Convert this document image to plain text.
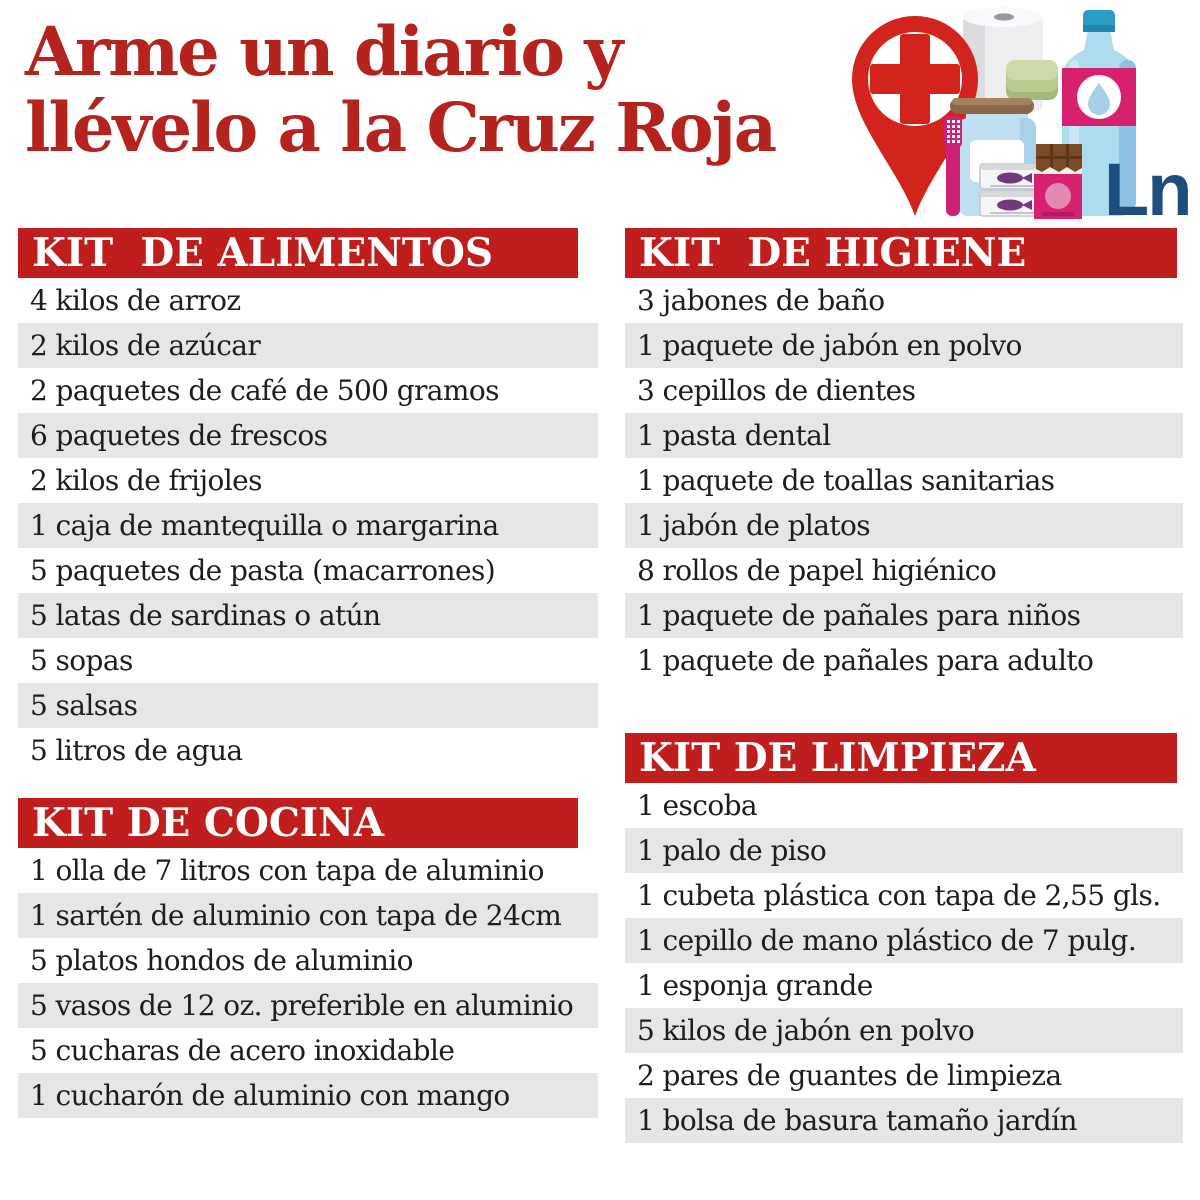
Arme un diario y
llévelo a la Cruz Roja
Ln
KIT  DE ALIMENTOS
4 kilos de arroz
2 kilos de azúcar
2 paquetes de café de 500 gramos
6 paquetes de frescos
2 kilos de frijoles
1 caja de mantequilla o margarina
5 paquetes de pasta (macarrones)
5 latas de sardinas o atún
5 sopas
5 salsas
5 litros de agua
KIT DE COCINA
1 olla de 7 litros con tapa de aluminio
1 sartén de aluminio con tapa de 24cm
5 platos hondos de aluminio
5 vasos de 12 oz. preferible en aluminio
5 cucharas de acero inoxidable
1 cucharón de aluminio con mango
KIT  DE HIGIENE
3 jabones de baño
1 paquete de jabón en polvo
3 cepillos de dientes
1 pasta dental
1 paquete de toallas sanitarias
1 jabón de platos
8 rollos de papel higiénico
1 paquete de pañales para niños
1 paquete de pañales para adulto
KIT DE LIMPIEZA
1 escoba
1 palo de piso
1 cubeta plástica con tapa de 2,55 gls.
1 cepillo de mano plástico de 7 pulg.
1 esponja grande
5 kilos de jabón en polvo
2 pares de guantes de limpieza
1 bolsa de basura tamaño jardín
